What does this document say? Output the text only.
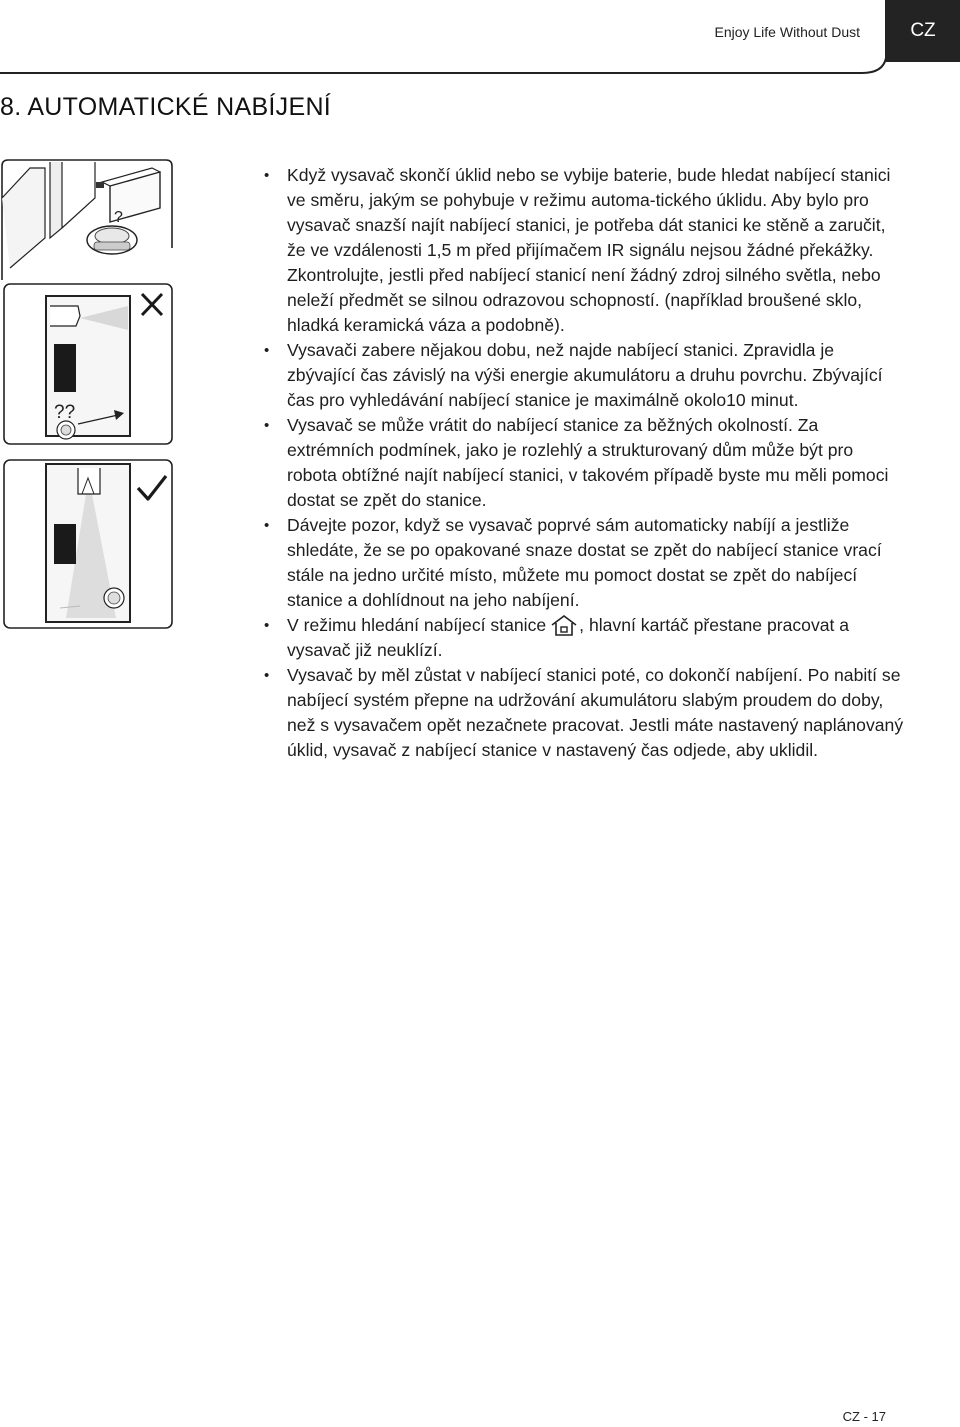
Enjoy Life Without Dust	CZ
8. AUTOMATICKÉ NABÍJENÍ
?
??
• Když vysavač skončí úklid nebo se vybije baterie, bude hledat nabíjecí stanici ve směru, jakým se pohybuje v režimu automa-tického úklidu. Aby bylo pro vysavač snazší najít nabíjecí stanici, je potřeba dát stanici ke stěně a zaručit, že ve vzdálenosti 1,5 m před přijímačem IR signálu nejsou žádné překážky. Zkontrolujte, jestli před nabíjecí stanicí není žádný zdroj silného světla, nebo neleží předmět se silnou odrazovou schopností. (například broušené sklo, hladká keramická váza a podobně).
• Vysavači zabere nějakou dobu, než najde nabíjecí stanici. Zpravidla je zbývající čas závislý na výši energie akumulátoru a druhu povrchu. Zbývající čas pro vyhledávání nabíjecí stanice je maximálně okolo10 minut.
• Vysavač se může vrátit do nabíjecí stanice za běžných okolností. Za extrémních podmínek, jako je rozlehlý a strukturovaný dům může být pro robota obtížné najít nabíjecí stanici, v takovém případě byste mu měli pomoci dostat se zpět do stanice.
• Dávejte pozor, když se vysavač poprvé sám automaticky nabíjí a jestliže shledáte, že se po opakované snaze dostat se zpět do nabíjecí stanice vrací stále na jedno určité místo, můžete mu pomoct dostat se zpět do nabíjecí stanice a dohlídnout na jeho nabíjení.
• V režimu hledání nabíjecí stanice , hlavní kartáč přestane pracovat a vysavač již neuklízí.
• Vysavač by měl zůstat v nabíjecí stanici poté, co dokončí nabíjení. Po nabití se nabíjecí systém přepne na udržování akumulátoru slabým proudem do doby, než s vysavačem opět nezačnete pracovat. Jestli máte nastavený naplánovaný úklid, vysavač z nabíjecí stanice v nastavený čas odjede, aby uklidil.
CZ - 17
